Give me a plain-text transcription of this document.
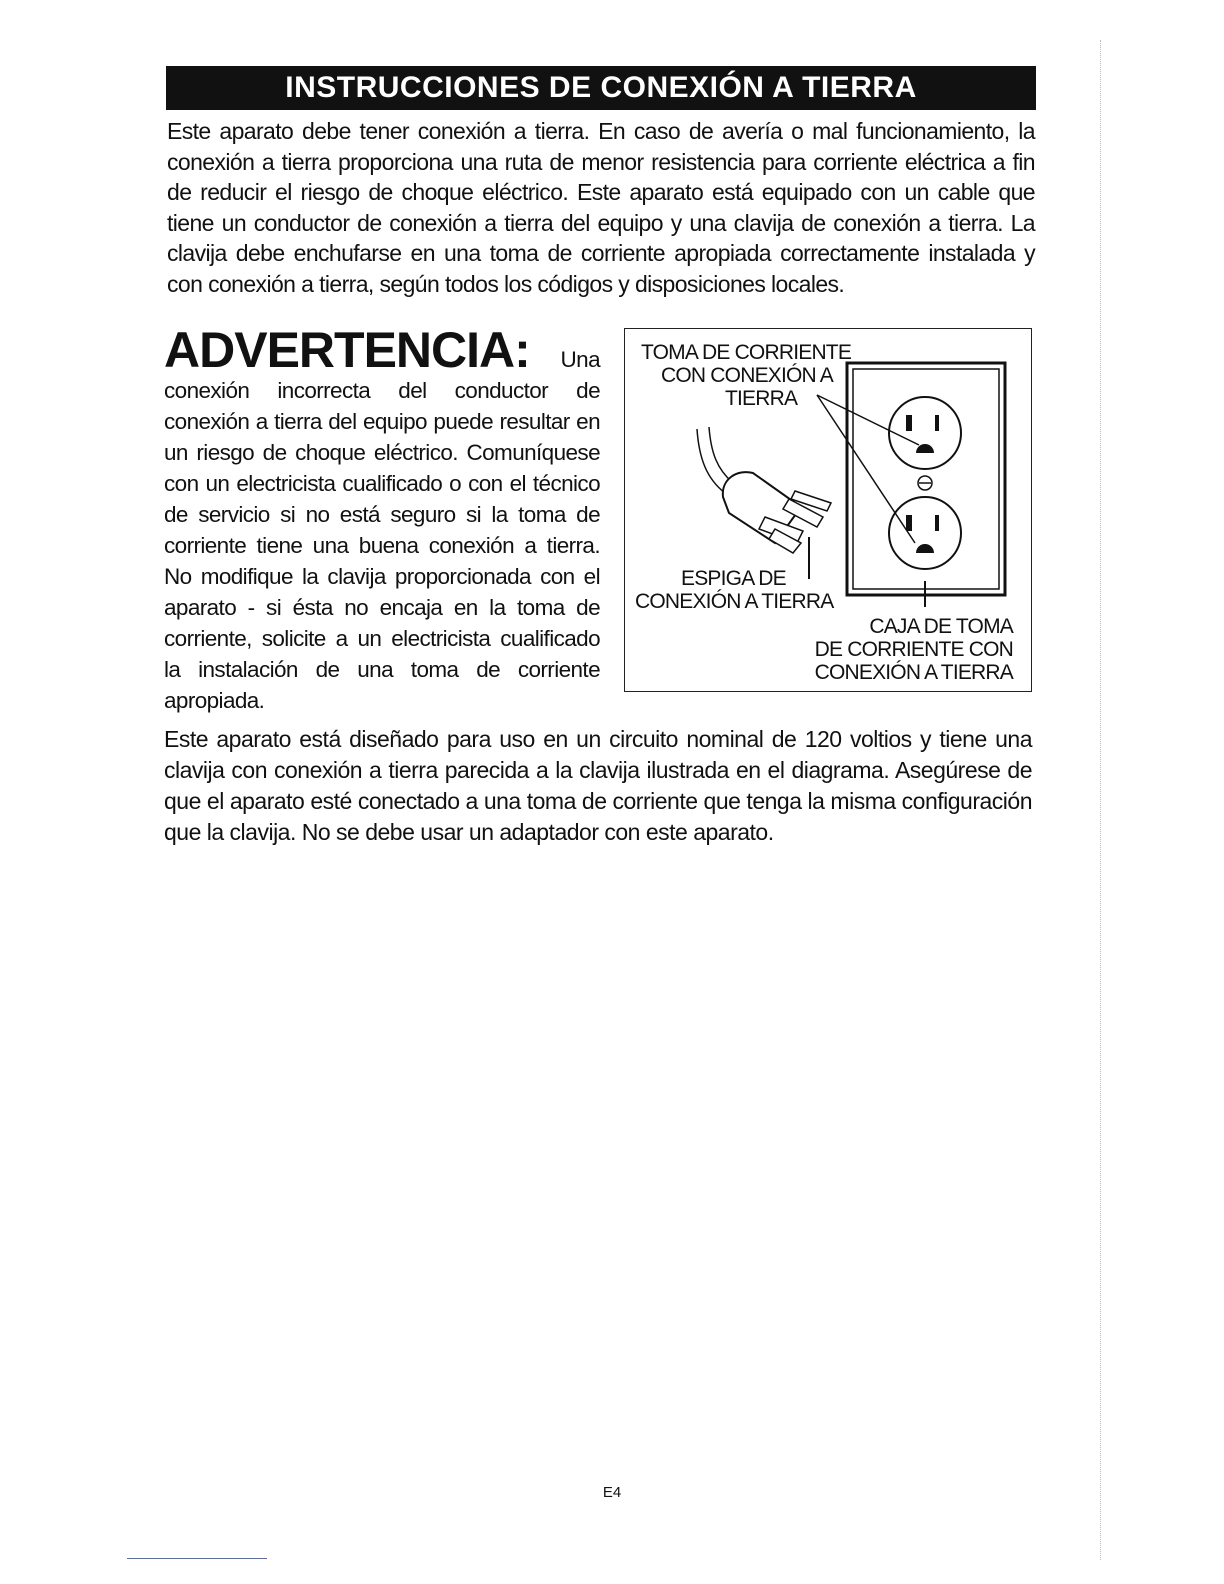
INSTRUCCIONES DE CONEXIÓN A TIERRA

Este aparato debe tener conexión a tierra. En caso de avería o mal funcionamiento, la conexión a tierra proporciona una ruta de menor resistencia para corriente eléctrica a fin de reducir el riesgo de choque eléctrico. Este aparato está equipado con un cable que tiene un conductor de conexión a tierra del equipo y una clavija de conexión a tierra. La clavija debe enchufarse en una toma de corriente apropiada correctamente instalada y con conexión a tierra, según todos los códigos y disposiciones locales.

ADVERTENCIA: Una conexión incorrecta del conductor de conexión a tierra del equipo puede resultar en un riesgo de choque eléctrico. Comuníquese con un electricista cualificado o con el técnico de servicio si no está seguro si la toma de corriente tiene una buena conexión a tierra. No modifique la clavija proporcionada con el aparato - si ésta no encaja en la toma de corriente, solicite a un electricista cualificado la instalación de una toma de corriente apropiada.
TOMA DE CORRIENTE
CON CONEXIÓN A
TIERRA
ESPIGA DE
CONEXIÓN A TIERRA
CAJA DE TOMA
DE CORRIENTE CON
CONEXIÓN A TIERRA
Este aparato está diseñado para uso en un circuito nominal de 120 voltios y tiene una clavija con conexión a tierra parecida a la clavija ilustrada en el diagrama. Asegúrese de que el aparato esté conectado a una toma de corriente que tenga la misma configuración que la clavija. No se debe usar un adaptador con este aparato.
E4
